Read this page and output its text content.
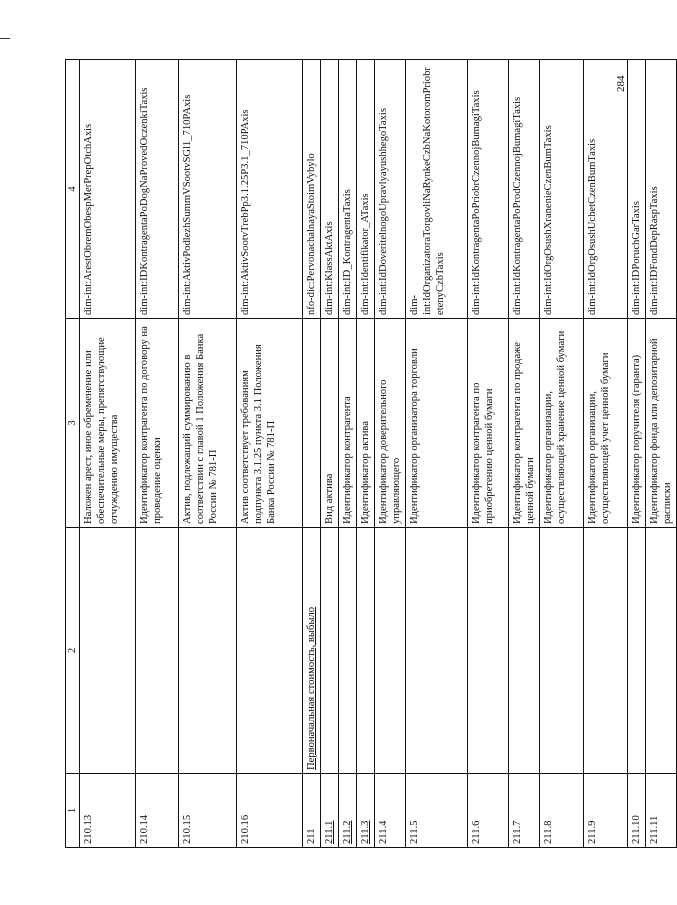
284
1	2	3	4
210.13		Наложен арест, иное обременение или обеспечительные меры, препятствующие отчуждению имущества	dim-int:ArestObremObespMerPrepOtchAxis
210.14		Идентификатор контрагента по договору на проведение оценки	dim-int:IDKontragentaPoDogNaProvedOczenkiTaxis
210.15		Актив, подлежащий суммированию в соответствии с главой 1 Положения Банка России № 781-П	dim-int:AktivPodlezhSummVSootvSGl1_710PAxis
210.16		Актив соответствует требованиям подпункта 3.1.25 пункта 3.1 Положения Банка России № 781-П	dim-int:AktivSootvTrebPp3.1.25P3.1_710PAxis
211	Первоначальная стоимость, выбыло		nfo-dic:PervonachalnayaStoimVybylo
211.1		Вид актива	dim-int:KlassAktAxis
211.2		Идентификатор контрагента	dim-int:ID_KontragentaTaxis
211.3		Идентификатор актива	dim-int:Identifikator_ATaxis
211.4		Идентификатор доверительного управляющего	dim-int:IdDoveritelnogoUpravlyayushhegoTaxis
211.5		Идентификатор организатора торговли	dim-int:IdOrganizatoraTorgovliNaRynkeCzbNaKotoromPriobretenyCzbTaxis
211.6		Идентификатор контрагента по приобретению ценной бумаги	dim-int:IdKontragentaPoPriobrCzennojBumagiTaxis
211.7		Идентификатор контрагента по продаже ценной бумаги	dim-int:IdKontragentaPoProdCzennojBumagiTaxis
211.8		Идентификатор организации, осуществляющей хранение ценной бумаги	dim-int:IdOrgOsushXranenieCzenBumTaxis
211.9		Идентификатор организации, осуществляющей учет ценной бумаги	dim-int:IdOrgOsushUchetCzenBumTaxis
211.10		Идентификатор поручителя (гаранта)	dim-int:IDPoruchGarTaxis
211.11		Идентификатор фонда или депозитарной расписки	dim-int:IDFondDepRaspTaxis
